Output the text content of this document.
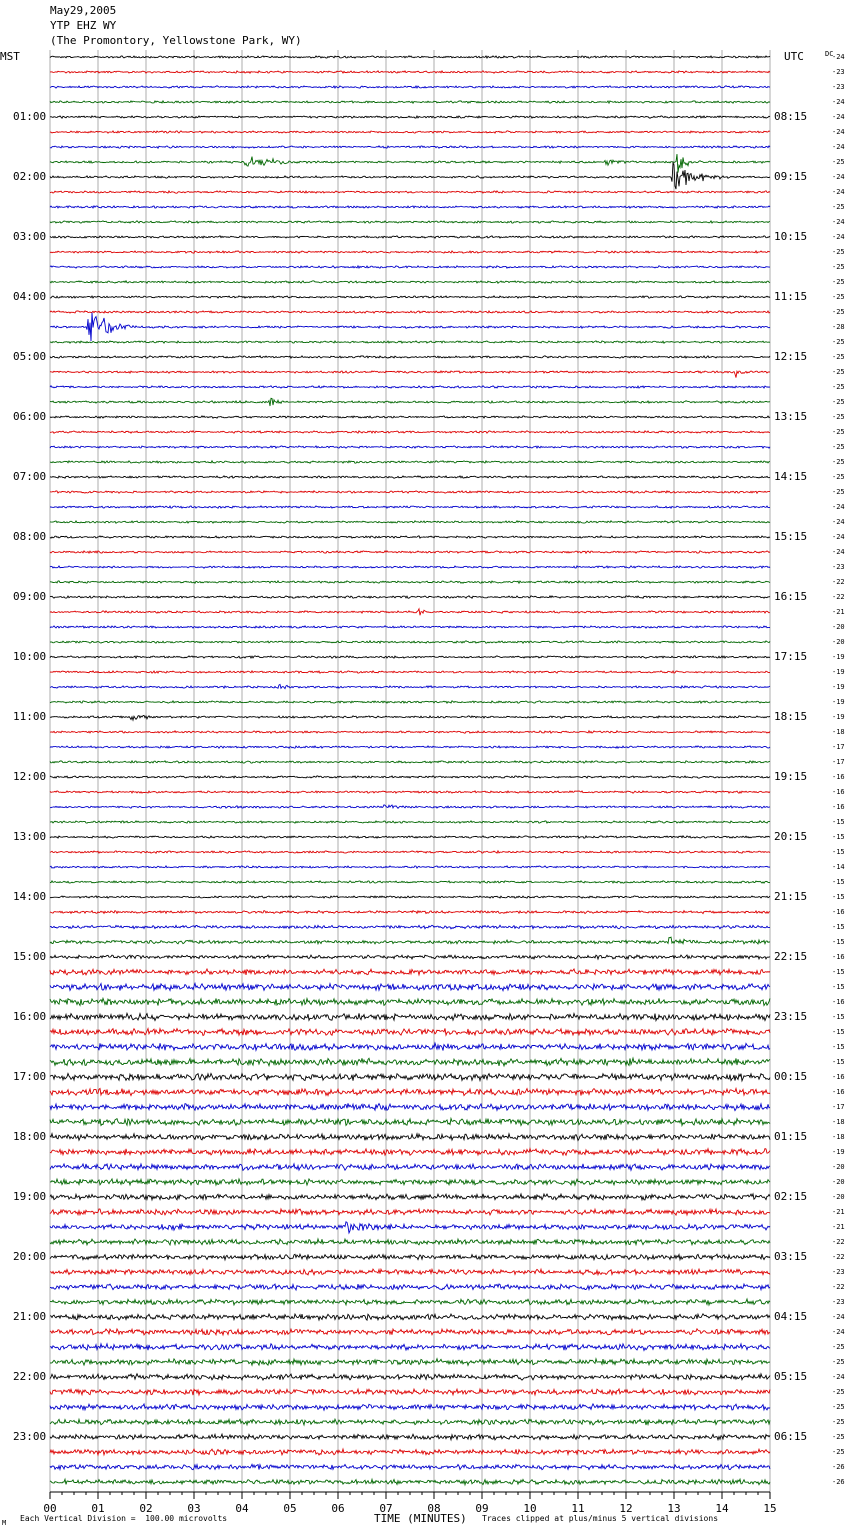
May29,2005
YTP EHZ WY
(The Promontory, Yellowstone Park, WY)
MST	UTC	DC
00	01	02	03	04	05	06	07	08	09	10	11	12	13	14	15
01:00
02:00
03:00
04:00
05:00
06:00
07:00
08:00
09:00
10:00
11:00
12:00
13:00
14:00
15:00
16:00
17:00
18:00
19:00
20:00
21:00
22:00
23:00
08:15
09:15
10:15
11:15
12:15
13:15
14:15
15:15
16:15
17:15
18:15
19:15
20:15
21:15
22:15
23:15
00:15
01:15
02:15
03:15
04:15
05:15
06:15
-24
-23
-23
-24
-24
-24
-24
-25
-24
-24
-25
-24
-24
-25
-25
-25
-25
-25
-28
-25
-25
-25
-25
-25
-25
-25
-25
-25
-25
-25
-24
-24
-24
-24
-23
-22
-22
-21
-20
-20
-19
-19
-19
-19
-19
-18
-17
-17
-16
-16
-16
-15
-15
-15
-14
-15
-15
-16
-15
-15
-16
-15
-15
-16
-15
-15
-15
-15
-16
-16
-17
-18
-18
-19
-20
-20
-20
-21
-21
-22
-22
-23
-22
-23
-24
-24
-25
-25
-24
-25
-25
-25
-25
-25
-26
-26
M Each Vertical Division =  100.00 microvolts	TIME (MINUTES) Traces clipped at plus/minus 5 vertical divisions
